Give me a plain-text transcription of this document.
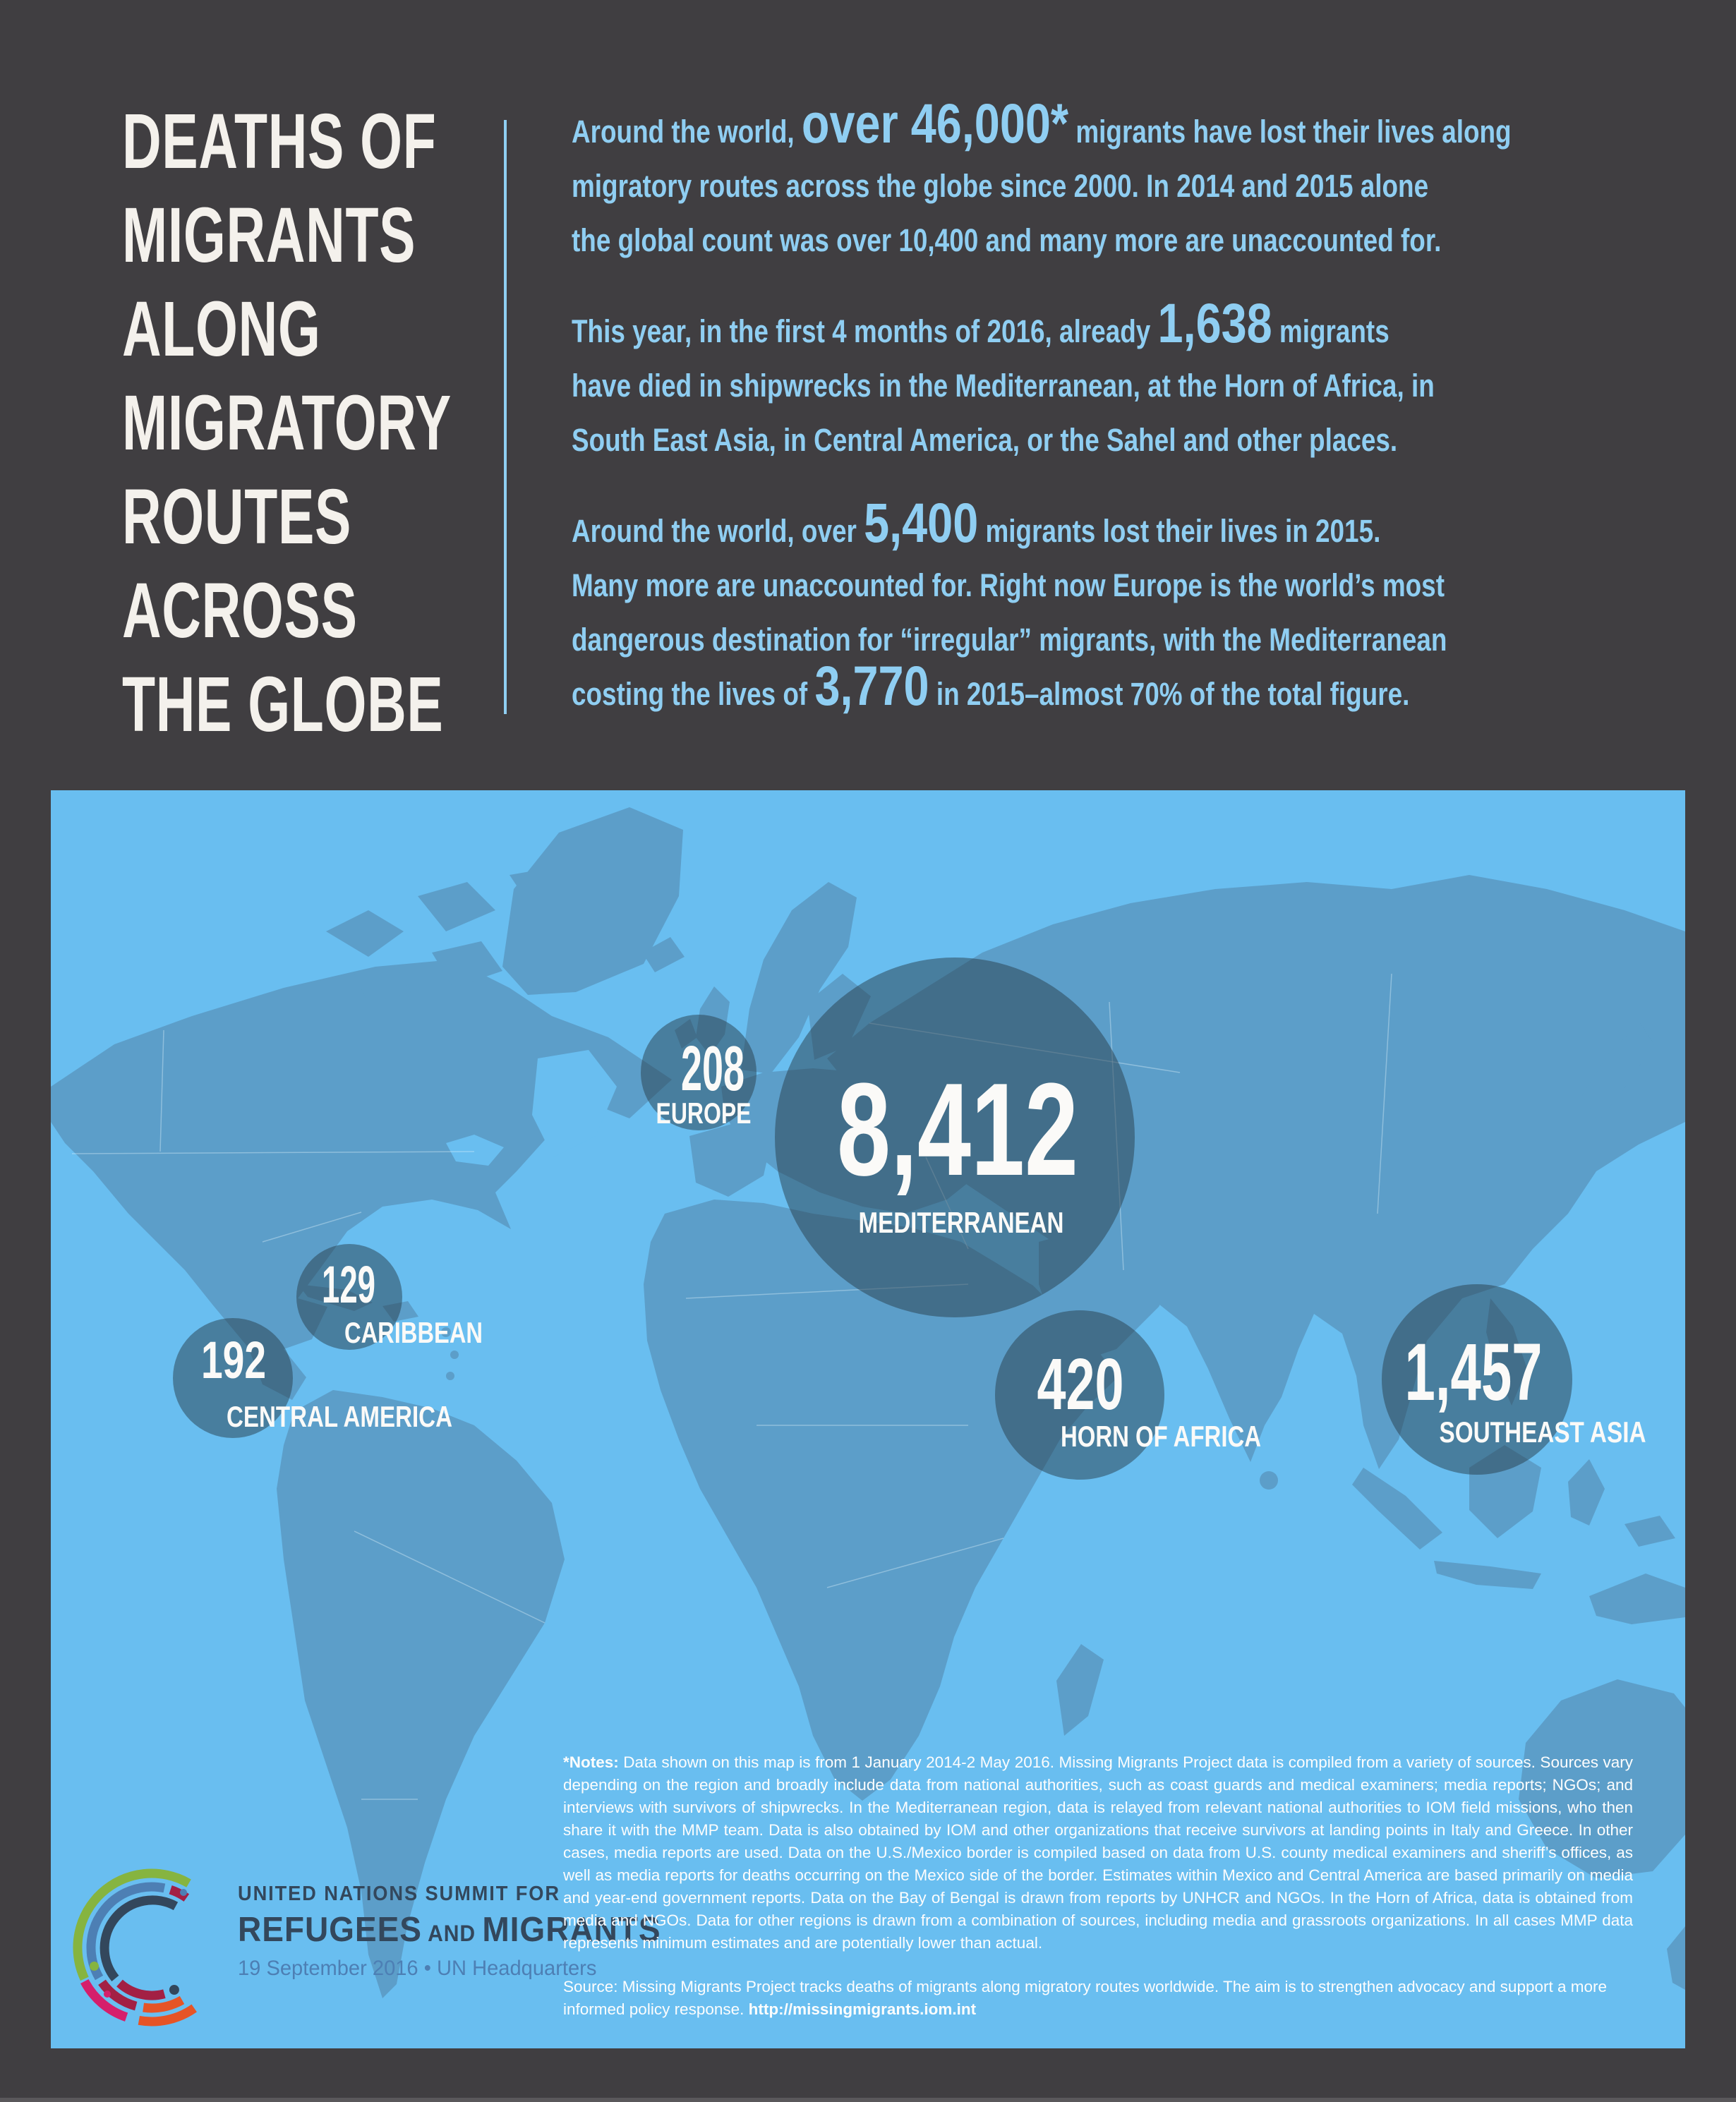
DEATHS OF
MIGRANTS
ALONG
MIGRATORY
ROUTES
ACROSS
THE GLOBE
Around the world, over 46,000* migrants have lost their lives along
migratory routes across the globe since 2000. In 2014 and 2015 alone
the global count was over 10,400 and many more are unaccounted for.
This year, in the first 4 months of 2016, already 1,638 migrants
have died in shipwrecks in the Mediterranean, at the Horn of Africa, in
South East Asia, in Central America, or the Sahel and other places.
Around the world, over 5,400 migrants lost their lives in 2015.
Many more are unaccounted for. Right now Europe is the world’s most
dangerous destination for “irregular” migrants, with the Mediterranean
costing the lives of 3,770 in 2015–almost 70% of the total figure.
208
EUROPE 8,412
MEDITERRANEAN
129
CARIBBEAN
192
CENTRAL AMERICA	420
HORN OF AFRICA
1,457
SOUTHEAST ASIA
UNITED NATIONS SUMMIT FOR
REFUGEES AND MIGRANTS
19 September 2016 • UN Headquarters

*Notes: Data shown on this map is from 1 January 2014-2 May 2016. Missing Migrants Project data is compiled from a variety of sources. Sources vary depending on the region and broadly include data from national authorities, such as coast guards and medical examiners; media reports; NGOs; and interviews with survivors of shipwrecks. In the Mediterranean region, data is relayed from relevant national authorities to IOM field missions, who then share it with the MMP team. Data is also obtained by IOM and other organizations that receive survivors at landing points in Italy and Greece. In other cases, media reports are used. Data on the U.S./Mexico border is compiled based on data from U.S. county medical examiners and sheriff’s offices, as well as media reports for deaths occurring on the Mexico side of the border. Estimates within Mexico and Central America are based primarily on media and year-end government reports. Data on the Bay of Bengal is drawn from reports by UNHCR and NGOs. In the Horn of Africa, data is obtained from media and NGOs. Data for other regions is drawn from a combination of sources, including media and grassroots organizations. In all cases MMP data represents minimum estimates and are potentially lower than actual.

Source: Missing Migrants Project tracks deaths of migrants along migratory routes worldwide. The aim is to strengthen advocacy and support a more informed policy response. http://missingmigrants.iom.int
